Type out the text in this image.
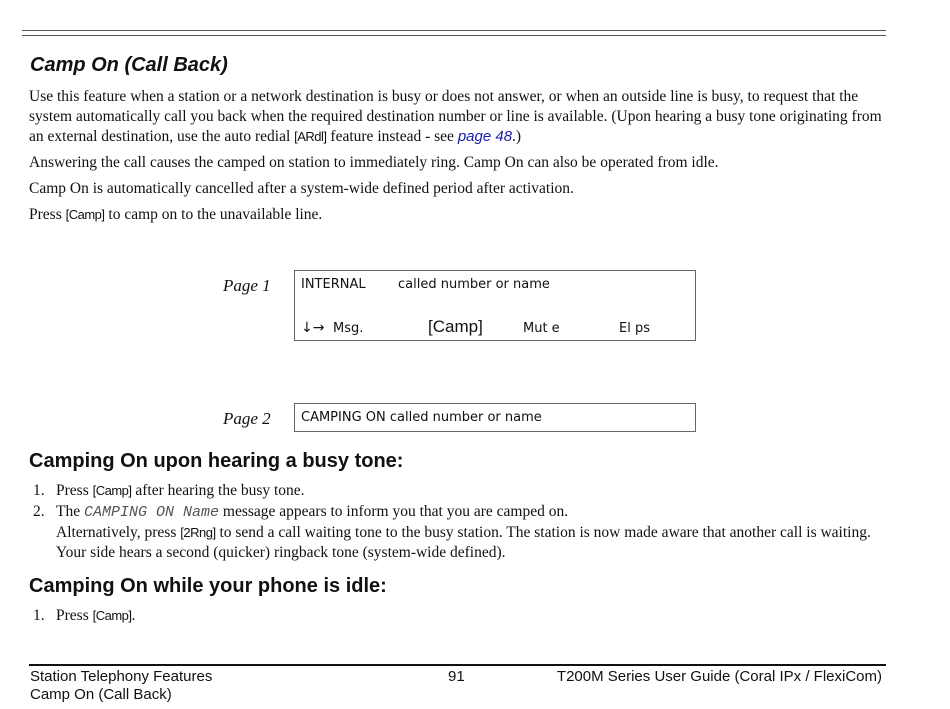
Camp On (Call Back)
Use this feature when a station or a network destination is busy or does not answer, or when an outside line is busy, to request that the system automatically call you back when the required destination number or line is available. (Upon hearing a busy tone originating from an external destination, use the auto redial [ARdl] feature instead - see page 48.)
Answering the call causes the camped on station to immediately ring. Camp On can also be operated from idle.
Camp On is automatically cancelled after a system-wide defined period after activation.
Press [Camp] to camp on to the unavailable line.
Page 1 INTERNAL called number or name
↓→ Msg.	[Camp]	Mut e	El ps
Page 2 CAMPING ON called number or name
Camping On upon hearing a busy tone:
1. Press [Camp] after hearing the busy tone.
2. The CAMPING ON Name message appears to inform you that you are camped on.
Alternatively, press [2Rng] to send a call waiting tone to the busy station. The station is now made aware that another call is waiting. Your side hears a second (quicker) ringback tone (system-wide defined).
Camping On while your phone is idle:
1. Press [Camp].
Station Telephony Features
Camp On (Call Back)
91	T200M Series User Guide (Coral IPx / FlexiCom)
